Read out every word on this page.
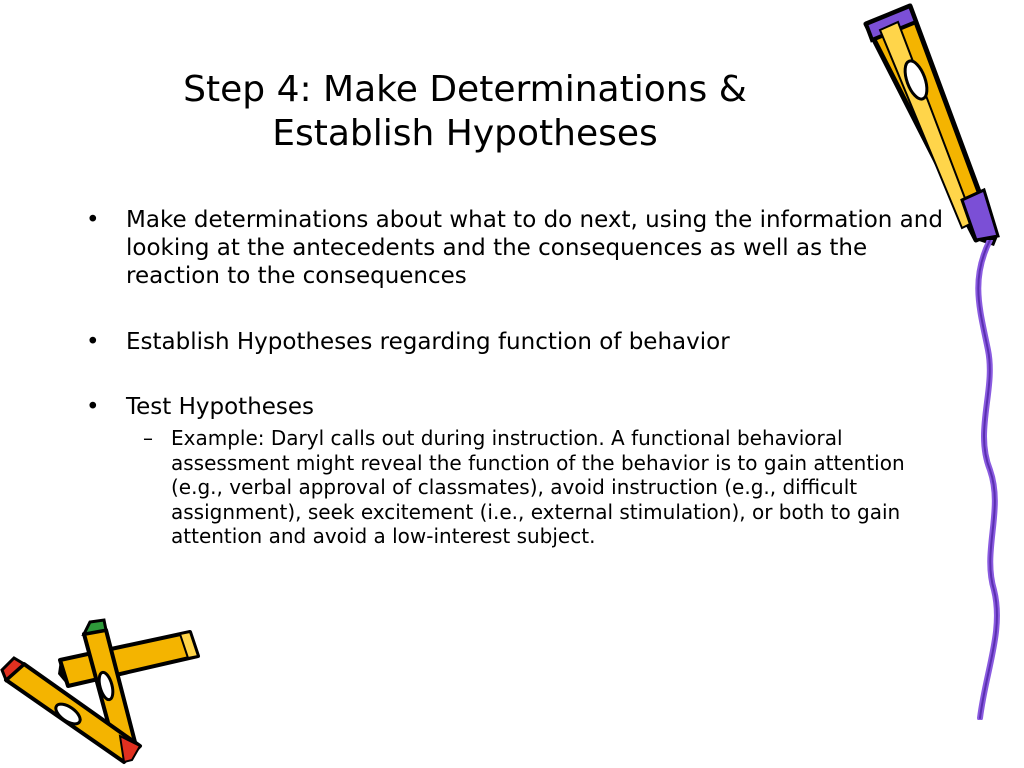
Step 4: Make Determinations &
Establish Hypotheses
• Make determinations about what to do next, using the information and looking at the antecedents and the consequences as well as the reaction to the consequences
• Establish Hypotheses regarding function of behavior
• Test Hypotheses
– Example: Daryl calls out during instruction. A functional behavioral assessment might reveal the function of the behavior is to gain attention (e.g., verbal approval of classmates), avoid instruction (e.g., difficult assignment), seek excitement (i.e., external stimulation), or both to gain attention and avoid a low-interest subject.
